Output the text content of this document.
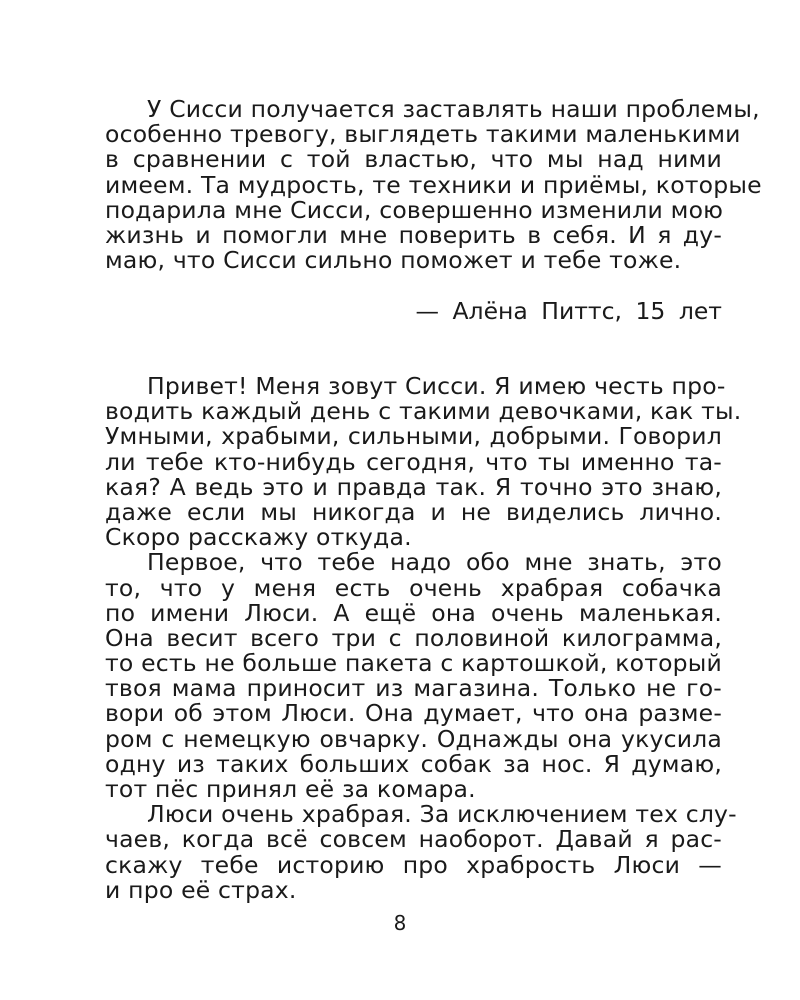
У Сисси получается заставлять наши проблемы,
особенно тревогу, выглядеть такими маленькими
в сравнении с той властью, что мы над ними
имеем. Та мудрость, те техники и приёмы, которые
подарила мне Сисси, совершенно изменили мою
жизнь и помогли мне поверить в себя. И я ду-
маю, что Сисси сильно поможет и тебе тоже.
— Алёна Питтс, 15 лет
Привет! Меня зовут Сисси. Я имею честь про-
водить каждый день с такими девочками, как ты.
Умными, храбыми, сильными, добрыми. Говорил
ли тебе кто-нибудь сегодня, что ты именно та-
кая? А ведь это и правда так. Я точно это знаю,
даже если мы никогда и не виделись лично.
Скоро расскажу откуда.
Первое, что тебе надо обо мне знать, это
то, что у меня есть очень храбрая собачка
по имени Люси. А ещё она очень маленькая.
Она весит всего три с половиной килограмма,
то есть не больше пакета с картошкой, который
твоя мама приносит из магазина. Только не го-
вори об этом Люси. Она думает, что она разме-
ром с немецкую овчарку. Однажды она укусила
одну из таких больших собак за нос. Я думаю,
тот пёс принял её за комара.
Люси очень храбрая. За исключением тех слу-
чаев, когда всё совсем наоборот. Давай я рас-
скажу тебе историю про храбрость Люси —
и про её страх.
8
